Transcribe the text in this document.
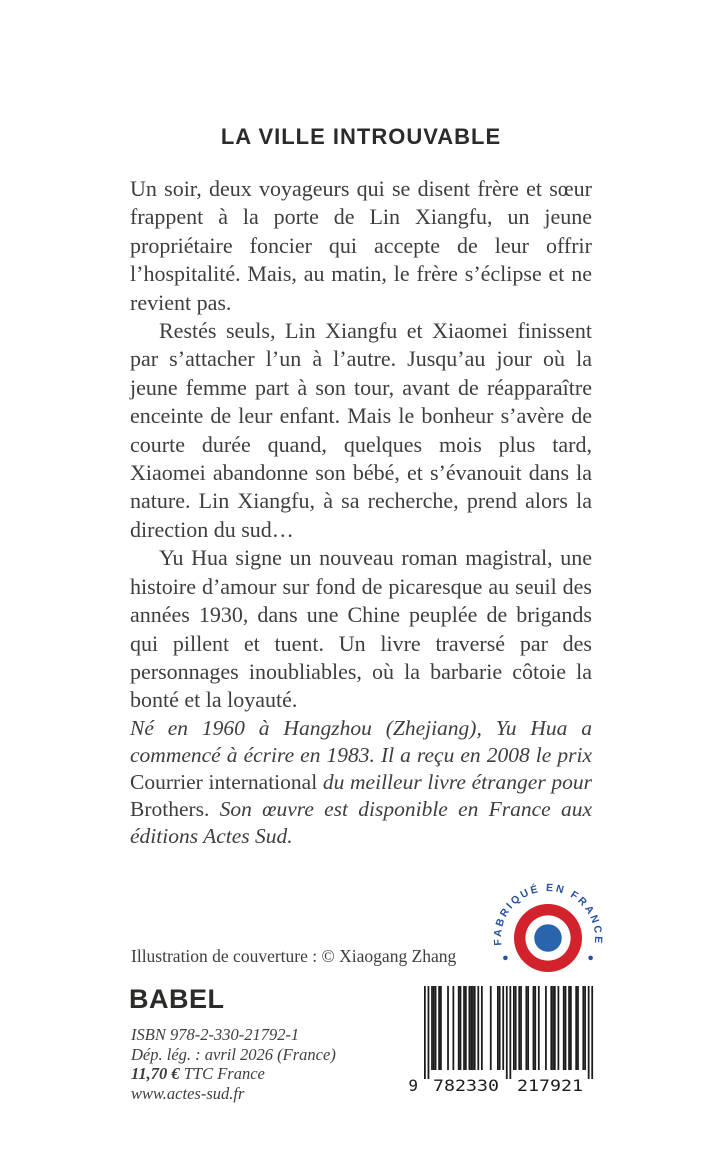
LA VILLE INTROUVABLE

Un soir, deux voyageurs qui se disent frère et sœur frappent à la porte de Lin Xiangfu, un jeune propriétaire foncier qui accepte de leur offrir l’hospitalité. Mais, au matin, le frère s’éclipse et ne revient pas.

Restés seuls, Lin Xiangfu et Xiaomei finissent par s’attacher l’un à l’autre. Jusqu’au jour où la jeune femme part à son tour, avant de réapparaître enceinte de leur enfant. Mais le bonheur s’avère de courte durée quand, quelques mois plus tard, Xiaomei abandonne son bébé, et s’évanouit dans la nature. Lin Xiangfu, à sa recherche, prend alors la direction du sud…

Yu Hua signe un nouveau roman magistral, une histoire d’amour sur fond de picaresque au seuil des années 1930, dans une Chine peuplée de brigands qui pillent et tuent. Un livre traversé par des personnages inoubliables, où la barbarie côtoie la bonté et la loyauté.

Né en 1960 à Hangzhou (Zhejiang), Yu Hua a commencé à écrire en 1983. Il a reçu en 2008 le prix Courrier international du meilleur livre étranger pour Brothers. Son œuvre est disponible en France aux éditions Actes Sud.

FABRIQUÉ EN FRANCE
Illustration de couverture : © Xiaogang Zhang
BABEL
ISBN 978-2-330-21792-1
Dép. lég. : avril 2026 (France)
11,70 € TTC France
www.actes-sud.fr	9 782330 217921
